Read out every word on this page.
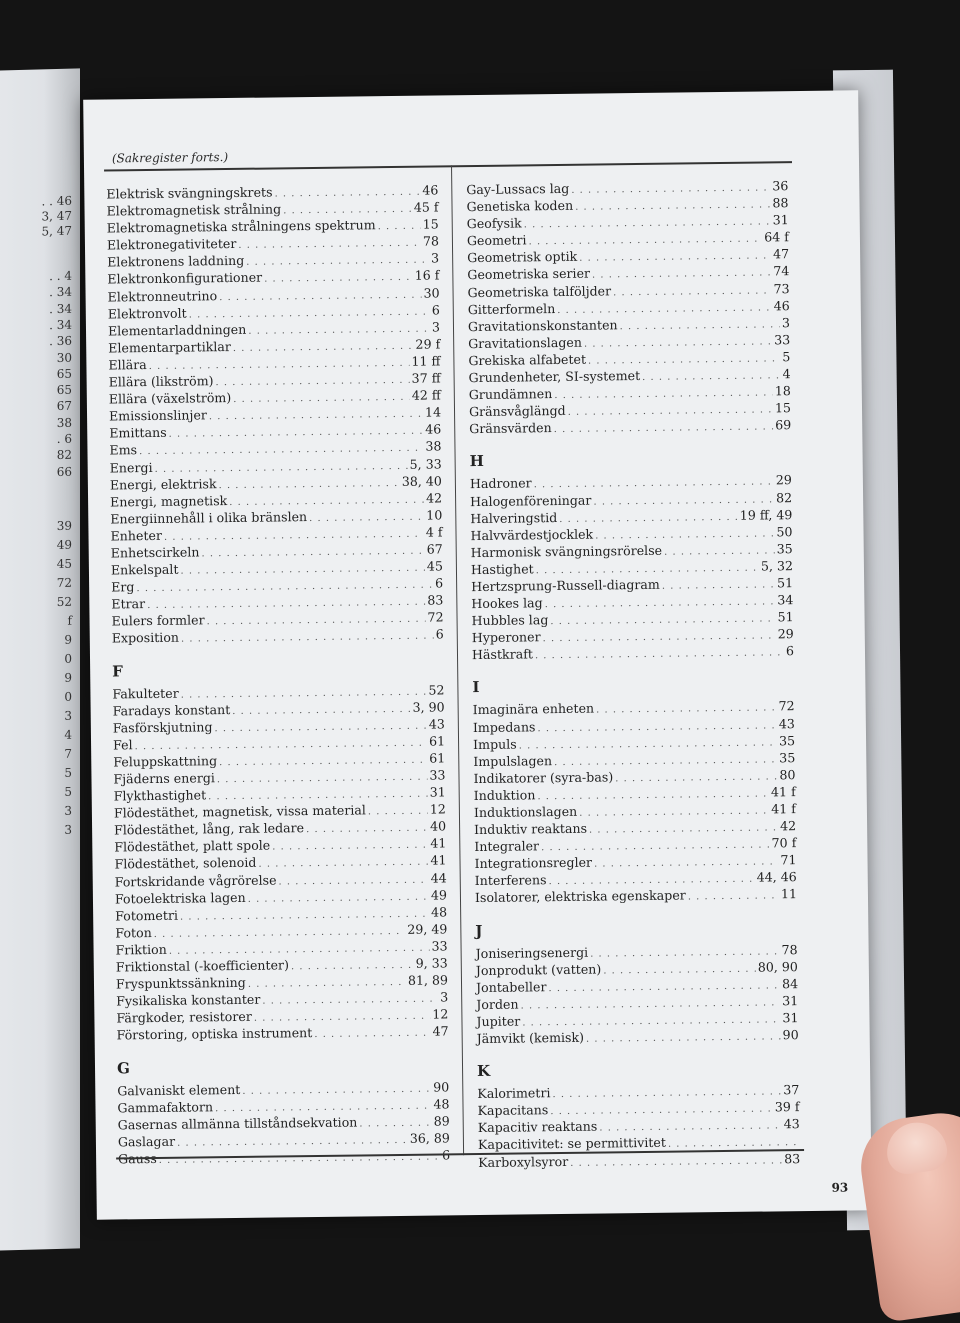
. . 46
3, 47
5, 47
. . 4
. 34
. 34
. 34
. 36
30
65
65
67
38
. 6
82
66
39
49
45
72
52
f
9
0
9
0
3
4
7
5
5
3
3
(Sakregister forts.)
Elektrisk svängningskrets . . .	46
Elektromagnetisk strålning . . .	45 f
Elektromagnetiska strålningens spektrum . . .	15
Elektronegativiteter . . .	78
Elektronens laddning . . .	3
Elektronkonfigurationer . . .	16 f
Elektronneutrino . . .	30
Elektronvolt . . .	6
Elementarladdningen . . .	3
Elementarpartiklar . . .	29 f
Ellära . . .	11 ff
Ellära (likström) . . .	37 ff
Ellära (växelström) . . .	42 ff
Emissionslinjer . . .	14
Emittans . . .	46
Ems . . .	38
Energi . . .	5, 33
Energi, elektrisk . . .	38, 40
Energi, magnetisk . . .	42
Energiinnehåll i olika bränslen . . .	10
Enheter . . .	4 f
Enhetscirkeln . . .	67
Enkelspalt . . .	45
Erg . . .	6
Etrar . . .	83
Eulers formler . . .	72
Exposition . . .	6
F
Fakulteter . . .	52
Faradays konstant . . .	3, 90
Fasförskjutning . . .	43
Fel . . .	61
Feluppskattning . . .	61
Fjäderns energi . . .	33
Flykthastighet . . .	31
Flödestäthet, magnetisk, vissa material . . .	12
Flödestäthet, lång, rak ledare . . .	40
Flödestäthet, platt spole . . .	41
Flödestäthet, solenoid . . .	41
Fortskridande vågrörelse . . .	44
Fotoelektriska lagen . . .	49
Fotometri . . .	48
Foton . . .	29, 49
Friktion . . .	33
Friktionstal (-koefficienter) . . .	9, 33
Fryspunktssänkning . . .	81, 89
Fysikaliska konstanter . . .	3
Färgkoder, resistorer . . .	12
Förstoring, optiska instrument . . .	47
G
Galvaniskt element . . .	90
Gammafaktorn . . .	48
Gasernas allmänna tillståndsekvation . . .	89
Gaslagar . . .	36, 89
Gauss . . .	6
Gay-Lussacs lag . . .	36
Genetiska koden . . .	88
Geofysik . . .	31
Geometri . . .	64 f
Geometrisk optik . . .	47
Geometriska serier . . .	74
Geometriska talföljder . . .	73
Gitterformeln . . .	46
Gravitationskonstanten . . .	3
Gravitationslagen . . .	33
Grekiska alfabetet . . .	5
Grundenheter, SI-systemet . . .	4
Grundämnen . . .	18
Gränsvåglängd . . .	15
Gränsvärden . . .	69
H
Hadroner . . .	29
Halogenföreningar . . .	82
Halveringstid . . .	19 ff, 49
Halvvärdestjocklek . . .	50
Harmonisk svängningsrörelse . . .	35
Hastighet . . .	5, 32
Hertzsprung-Russell-diagram . . .	51
Hookes lag . . .	34
Hubbles lag . . .	51
Hyperoner . . .	29
Hästkraft . . .	6
I
Imaginära enheten . . .	72
Impedans . . .	43
Impuls . . .	35
Impulslagen . . .	35
Indikatorer (syra-bas) . . .	80
Induktion . . .	41 f
Induktionslagen . . .	41 f
Induktiv reaktans . . .	42
Integraler . . .	70 f
Integrationsregler . . .	71
Interferens . . .	44, 46
Isolatorer, elektriska egenskaper . . .	11
J
Joniseringsenergi . . .	78
Jonprodukt (vatten) . . .	80, 90
Jontabeller . . .	84
Jorden . . .	31
Jupiter . . .	31
Jämvikt (kemisk) . . .	90
K
Kalorimetri . . .	37
Kapacitans . . .	39 f
Kapacitiv reaktans . . .	43
Kapacitivitet: se permittivitet
. . .
Karboxylsyror . . .	83
93
